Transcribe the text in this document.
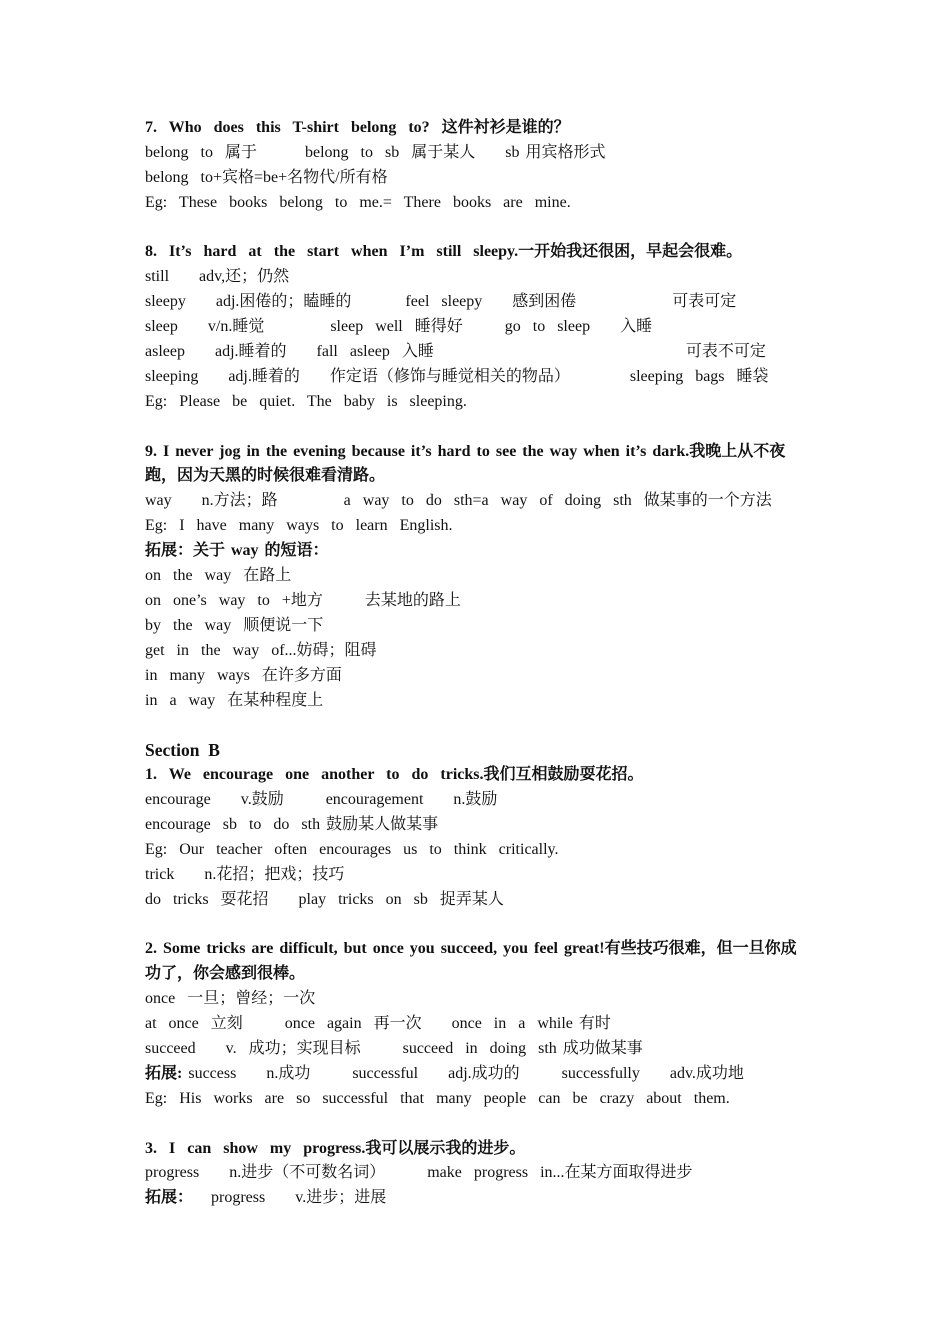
7.  Who  does  this  T-shirt  belong  to?  这件衬衫是谁的？
belong  to  属于        belong  to  sb  属于某人     sb 用宾格形式
belong  to+宾格=be+名物代/所有格
Eg:  These  books  belong  to  me.=  There  books  are  mine.
8.  It’s  hard  at  the  start  when  I’m  still  sleepy.一开始我还很困，早起会很难。
still     adv,还；仍然
sleepy     adj.困倦的；瞌睡的         feel  sleepy     感到困倦                可表可定
sleep     v/n.睡觉           sleep  well  睡得好       go  to  sleep     入睡
asleep     adj.睡着的     fall  asleep  入睡                                          可表不可定
sleeping     adj.睡着的     作定语（修饰与睡觉相关的物品）          sleeping  bags  睡袋
Eg:  Please  be  quiet.  The  baby  is  sleeping.
9. I never jog in the evening because it’s hard to see the way when it’s dark.我晚上从不夜跑，因为天黑的时候很难看清路。
way     n.方法；路           a  way  to  do  sth=a  way  of  doing  sth  做某事的一个方法
Eg:  I  have  many  ways  to  learn  English.
拓展：关于 way 的短语：
on  the  way  在路上
on  one’s  way  to  +地方       去某地的路上
by  the  way  顺便说一下
get  in  the  way  of...妨碍；阻碍
in  many  ways  在许多方面
in  a  way  在某种程度上
Section  B
1.  We  encourage  one  another  to  do  tricks.我们互相鼓励耍花招。
encourage     v.鼓励       encouragement     n.鼓励
encourage  sb  to  do  sth 鼓励某人做某事
Eg:  Our  teacher  often  encourages  us  to  think  critically.
trick     n.花招；把戏；技巧
do  tricks  耍花招     play  tricks  on  sb  捉弄某人
2. Some tricks are difficult, but once you succeed, you feel great!有些技巧很难，但一旦你成功了，你会感到很棒。
once  一旦；曾经；一次
at  once  立刻       once  again  再一次     once  in  a  while 有时
succeed     v.  成功；实现目标       succeed  in  doing  sth 成功做某事
拓展: success     n.成功       successful     adj.成功的       successfully     adv.成功地
Eg:  His  works  are  so  successful  that  many  people  can  be  crazy  about  them.
3.  I  can  show  my  progress.我可以展示我的进步。
progress     n.进步（不可数名词）       make  progress  in...在某方面取得进步
拓展：   progress     v.进步；进展
